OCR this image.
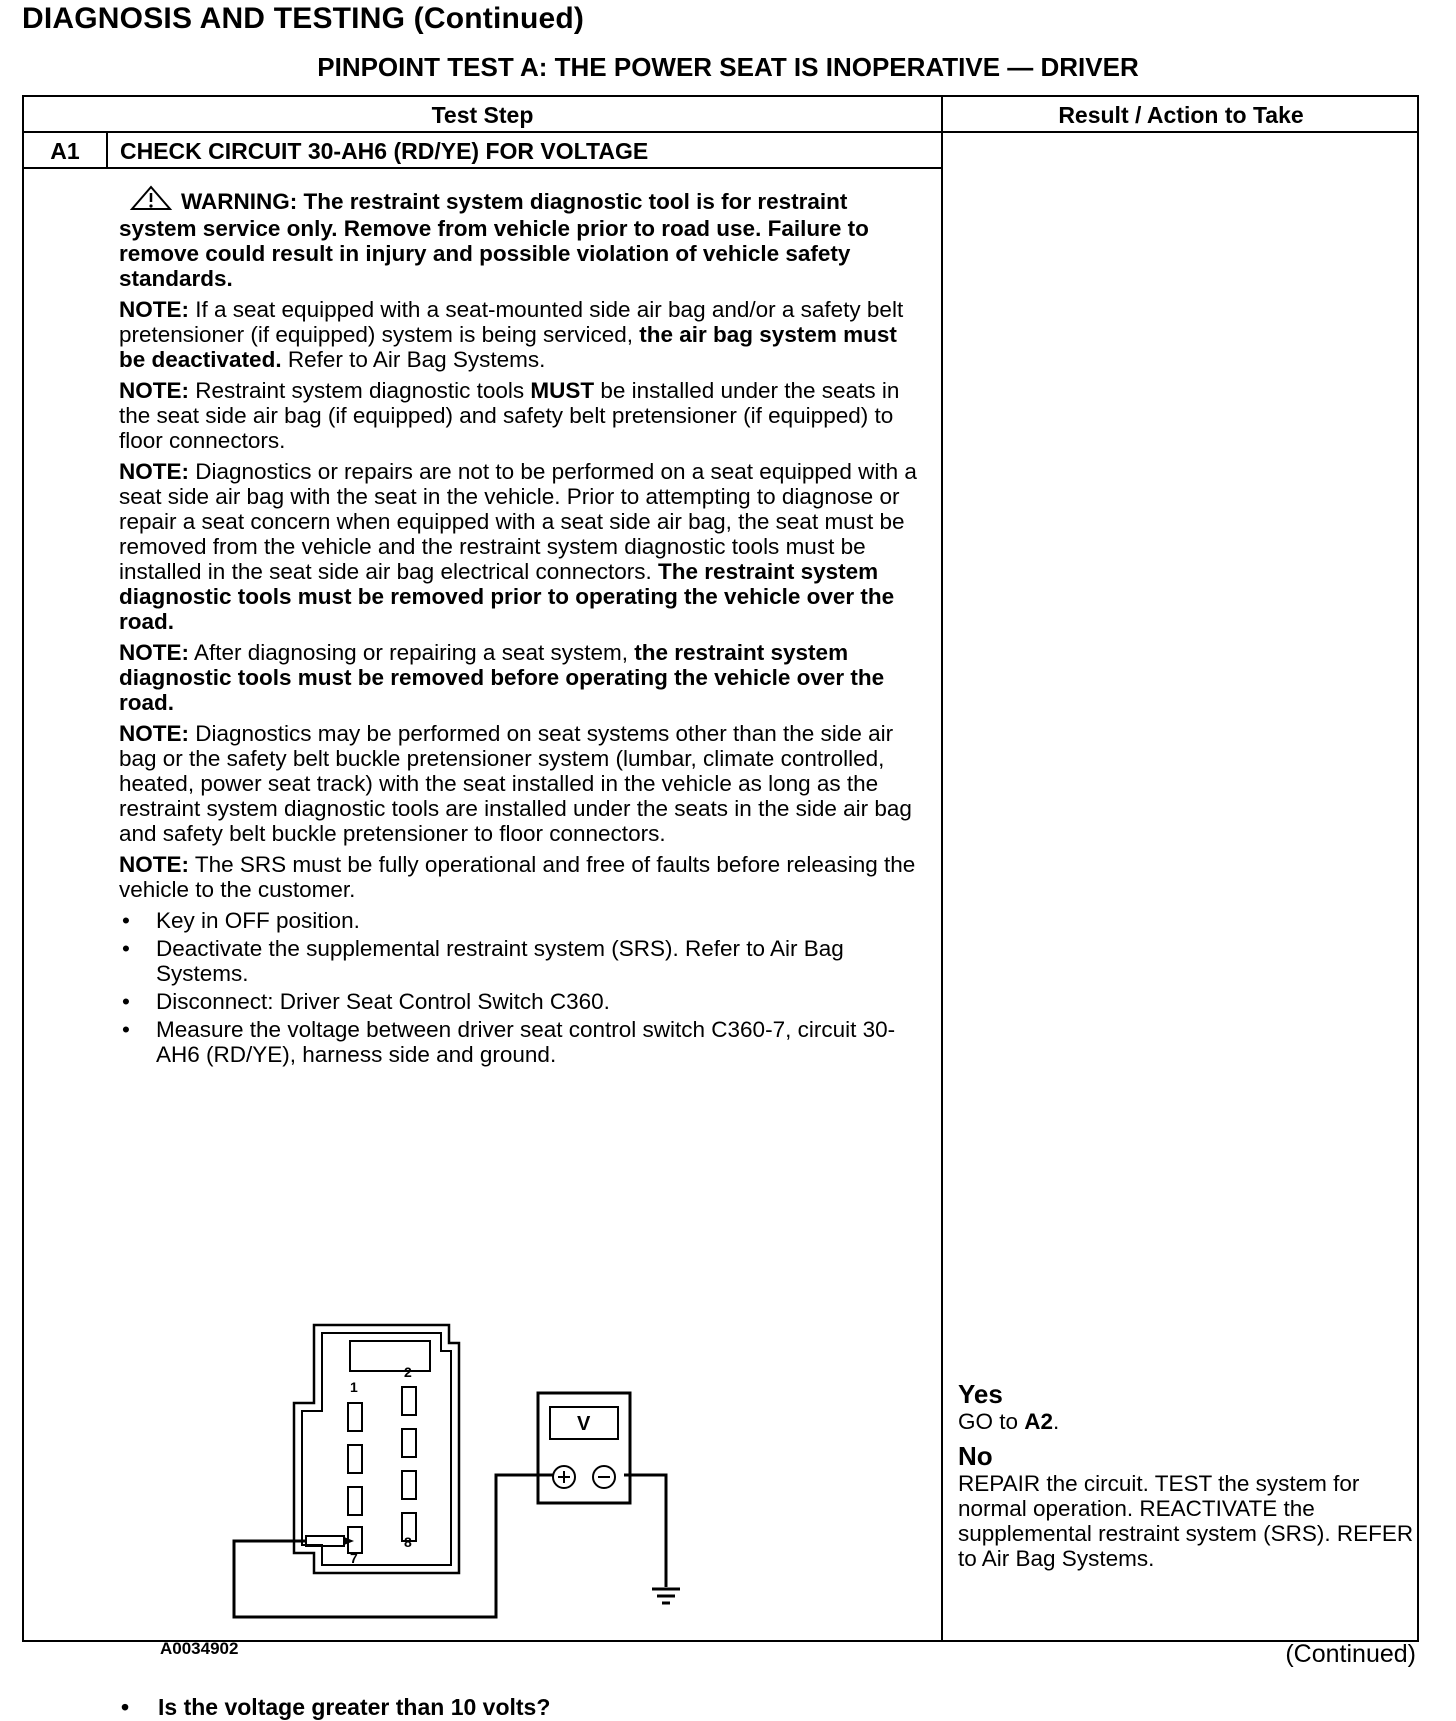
DIAGNOSIS AND TESTING (Continued)
PINPOINT TEST A: THE POWER SEAT IS INOPERATIVE — DRIVER
Test Step	Result / Action to Take
A1	CHECK CIRCUIT 30-AH6 (RD/YE) FOR VOLTAGE

WARNING: The restraint system diagnostic tool is for restraint system service only. Remove from vehicle prior to road use. Failure to remove could result in injury and possible violation of vehicle safety standards.

NOTE: If a seat equipped with a seat-mounted side air bag and/or a safety belt pretensioner (if equipped) system is being serviced, the air bag system must be deactivated. Refer to Air Bag Systems.

NOTE: Restraint system diagnostic tools MUST be installed under the seats in the seat side air bag (if equipped) and safety belt pretensioner (if equipped) to floor connectors.

NOTE: Diagnostics or repairs are not to be performed on a seat equipped with a seat side air bag with the seat in the vehicle. Prior to attempting to diagnose or repair a seat concern when equipped with a seat side air bag, the seat must be removed from the vehicle and the restraint system diagnostic tools must be installed in the seat side air bag electrical connectors. The restraint system diagnostic tools must be removed prior to operating the vehicle over the road.

NOTE: After diagnosing or repairing a seat system, the restraint system diagnostic tools must be removed before operating the vehicle over the road.

NOTE: Diagnostics may be performed on seat systems other than the side air bag or the safety belt buckle pretensioner system (lumbar, climate controlled, heated, power seat track) with the seat installed in the vehicle as long as the restraint system diagnostic tools are installed under the seats in the side air bag and safety belt buckle pretensioner to floor connectors.

NOTE: The SRS must be fully operational and free of faults before releasing the vehicle to the customer.

• Key in OFF position.
• Deactivate the supplemental restraint system (SRS). Refer to Air Bag Systems.
• Disconnect: Driver Seat Control Switch C360.
• Measure the voltage between driver seat control switch C360-7, circuit 30-AH6 (RD/YE), harness side and ground.
1
2
7
8
V
A0034902
• Is the voltage greater than 10 volts?
Yes
GO to A2.
No
REPAIR the circuit. TEST the system for normal operation. REACTIVATE the supplemental restraint system (SRS). REFER to Air Bag Systems.
(Continued)
